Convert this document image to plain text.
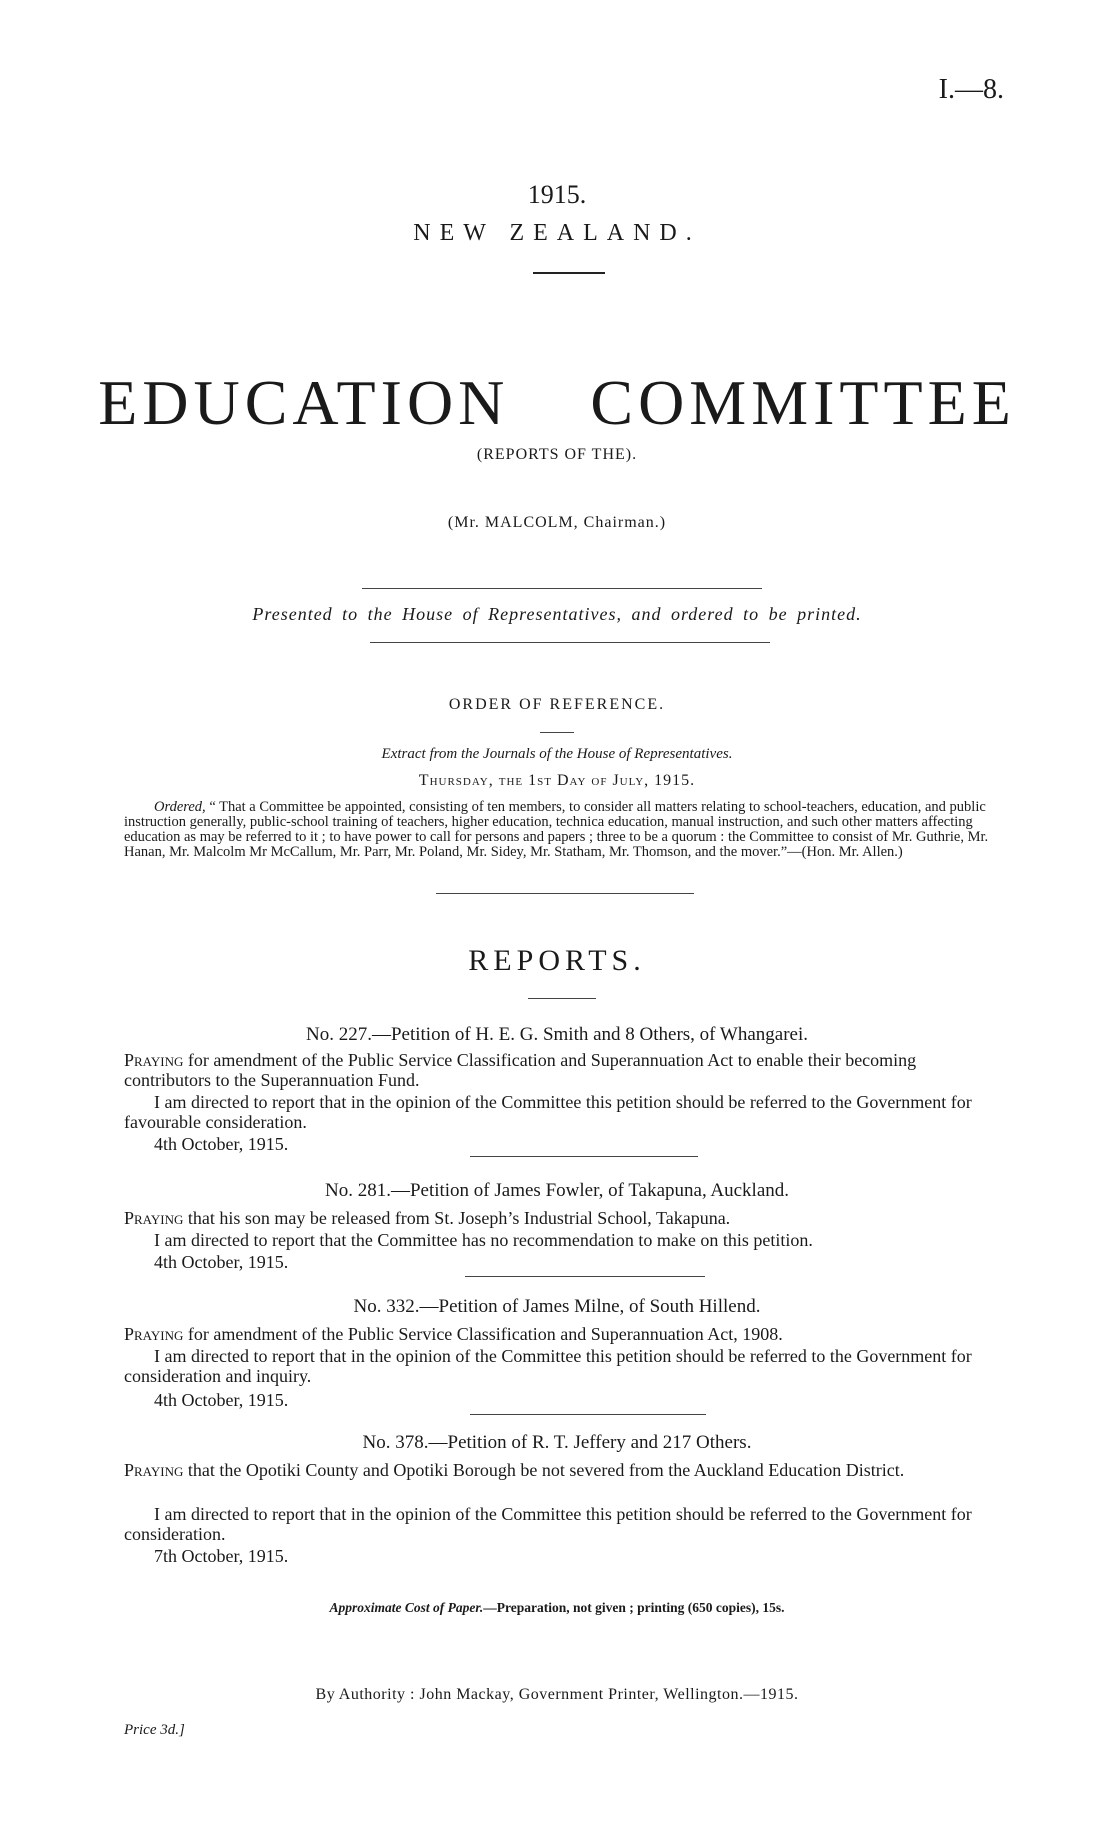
I.—8.
1915.
NEW ZEALAND.
EDUCATION COMMITTEE
(REPORTS OF THE).
(Mr. MALCOLM, Chairman.)
Presented to the House of Representatives, and ordered to be printed.
ORDER OF REFERENCE.
Extract from the Journals of the House of Representatives.
Thursday, the 1st Day of July, 1915.
Ordered, “ That a Committee be appointed, consisting of ten members, to consider all matters relating to school-teachers, education, and public instruction generally, public-school training of teachers, higher education, technica education, manual instruction, and such other matters affecting education as may be referred to it ; to have power to call for persons and papers ; three to be a quorum : the Committee to consist of Mr. Guthrie, Mr. Hanan, Mr. Malcolm Mr McCallum, Mr. Parr, Mr. Poland, Mr. Sidey, Mr. Statham, Mr. Thomson, and the mover.”—(Hon. Mr. Allen.)
REPORTS.
No. 227.—Petition of H. E. G. Smith and 8 Others, of Whangarei.
Praying for amendment of the Public Service Classification and Superannuation Act to enable their becoming contributors to the Superannuation Fund.
I am directed to report that in the opinion of the Committee this petition should be referred to the Government for favourable consideration.
4th October, 1915.
No. 281.—Petition of James Fowler, of Takapuna, Auckland.
Praying that his son may be released from St. Joseph’s Industrial School, Takapuna.
I am directed to report that the Committee has no recommendation to make on this petition.
4th October, 1915.
No. 332.—Petition of James Milne, of South Hillend.
Praying for amendment of the Public Service Classification and Superannuation Act, 1908.
I am directed to report that in the opinion of the Committee this petition should be referred to the Government for consideration and inquiry.
4th October, 1915.
No. 378.—Petition of R. T. Jeffery and 217 Others.
Praying that the Opotiki County and Opotiki Borough be not severed from the Auckland Education District.
I am directed to report that in the opinion of the Committee this petition should be referred to the Government for consideration.
7th October, 1915.
Approximate Cost of Paper.—Preparation, not given ; printing (650 copies), 15s.
By Authority : John Mackay, Government Printer, Wellington.—1915.
Price 3d.]
